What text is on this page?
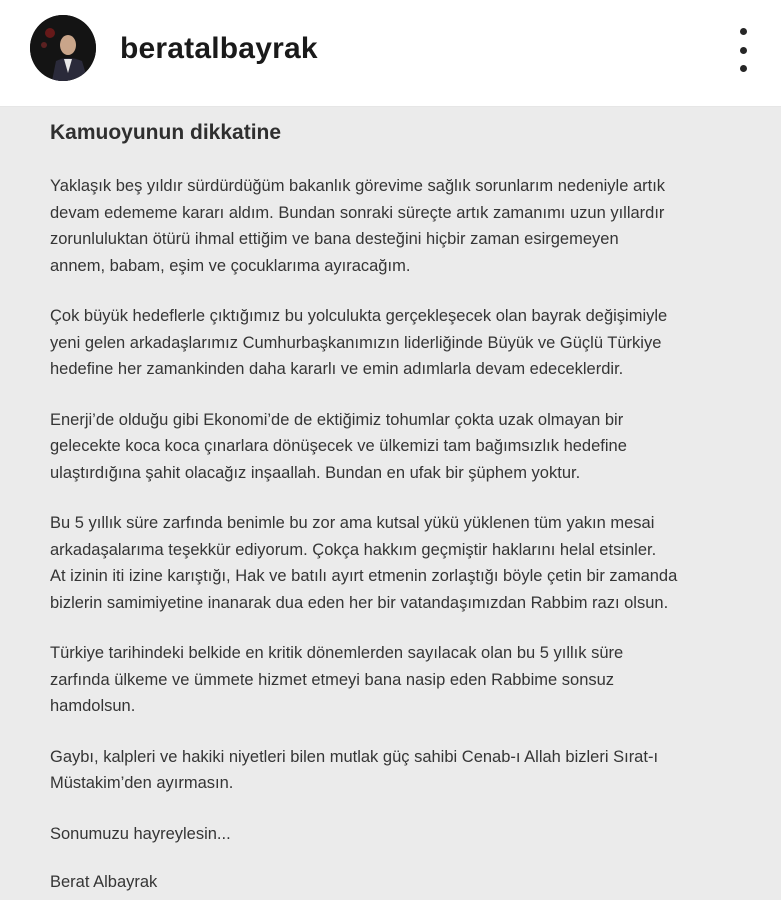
beratalbayrak
Kamuoyunun dikkatine
Yaklaşık beş yıldır sürdürdüğüm bakanlık görevime sağlık sorunlarım nedeniyle artık
devam edememe kararı aldım. Bundan sonraki süreçte artık zamanımı uzun yıllardır
zorunluluktan ötürü ihmal ettiğim ve bana desteğini hiçbir zaman esirgemeyen
annem, babam, eşim ve çocuklarıma ayıracağım.
Çok büyük hedeflerle çıktığımız bu yolculukta gerçekleşecek olan bayrak değişimiyle
yeni gelen arkadaşlarımız Cumhurbaşkanımızın liderliğinde Büyük ve Güçlü Türkiye
hedefine her zamankinden daha kararlı ve emin adımlarla devam edeceklerdir.
Enerji’de olduğu gibi Ekonomi’de de ektiğimiz tohumlar çokta uzak olmayan bir
gelecekte koca koca çınarlara dönüşecek ve ülkemizi tam bağımsızlık hedefine
ulaştırdığına şahit olacağız inşaallah. Bundan en ufak bir şüphem yoktur.
Bu 5 yıllık süre zarfında benimle bu zor ama kutsal yükü yüklenen tüm yakın mesai
arkadaşalarıma teşekkür ediyorum. Çokça hakkım geçmiştir haklarını helal etsinler.
At izinin iti izine karıştığı, Hak ve batılı ayırt etmenin zorlaştığı böyle çetin bir zamanda
bizlerin samimiyetine inanarak dua eden her bir vatandaşımızdan Rabbim razı olsun.
Türkiye tarihindeki belkide en kritik dönemlerden sayılacak olan bu 5 yıllık süre
zarfında ülkeme ve ümmete hizmet etmeyi bana nasip eden Rabbime sonsuz
hamdolsun.
Gaybı, kalpleri ve hakiki niyetleri bilen mutlak güç sahibi Cenab-ı Allah bizleri Sırat-ı
Müstakim’den ayırmasın.
Sonumuzu hayreylesin...
Berat Albayrak
